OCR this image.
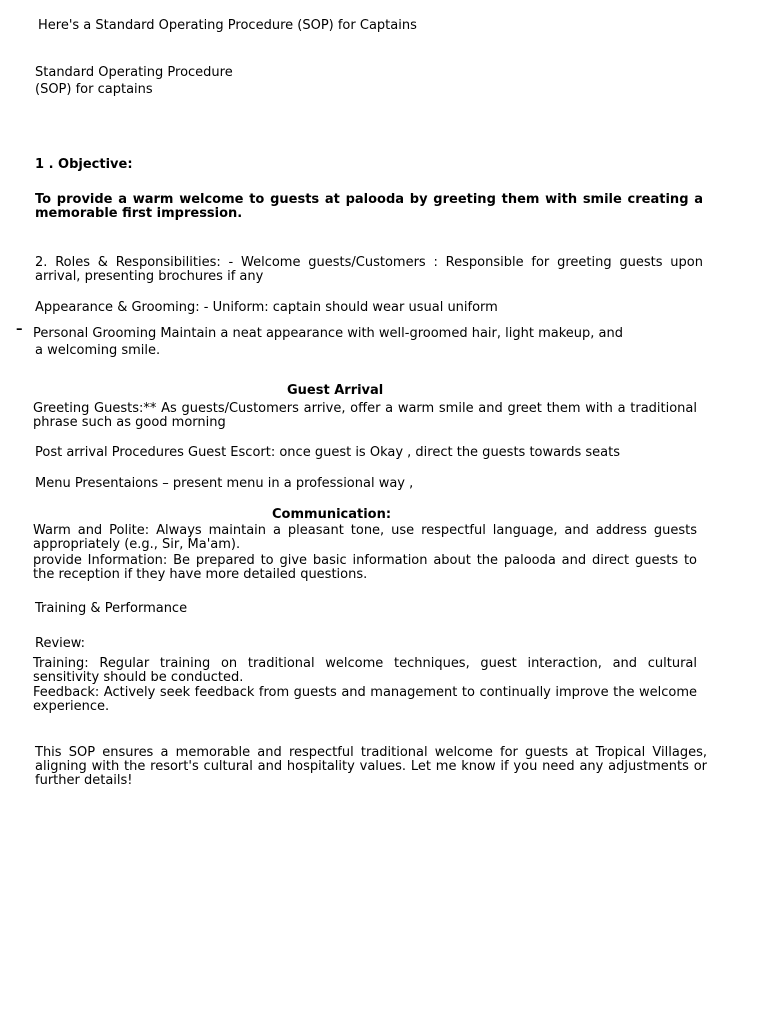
Here's a Standard Operating Procedure (SOP) for Captains
Standard Operating Procedure
(SOP) for captains
1 . Objective:
To provide a warm welcome to guests at palooda by greeting them with smile creating a memorable first impression.
2. Roles & Responsibilities: - Welcome guests/Customers : Responsible for greeting guests upon arrival, presenting brochures if any
Appearance & Grooming: - Uniform: captain should wear usual uniform
– Personal Grooming Maintain a neat appearance with well-groomed hair, light makeup, and
a welcoming smile.
Guest Arrival
Greeting Guests:** As guests/Customers arrive, offer a warm smile and greet them with a traditional phrase such as good morning
Post arrival Procedures Guest Escort: once guest is Okay , direct the guests towards seats
Menu Presentaions – present menu in a professional way ,
Communication:
Warm and Polite: Always maintain a pleasant tone, use respectful language, and address guests appropriately (e.g., Sir, Ma'am).
provide Information: Be prepared to give basic information about the palooda and direct guests to the reception if they have more detailed questions.
Training & Performance
Review:
Training: Regular training on traditional welcome techniques, guest interaction, and cultural sensitivity should be conducted.
Feedback: Actively seek feedback from guests and management to continually improve the welcome experience.
This SOP ensures a memorable and respectful traditional welcome for guests at Tropical Villages, aligning with the resort's cultural and hospitality values. Let me know if you need any adjustments or further details!
